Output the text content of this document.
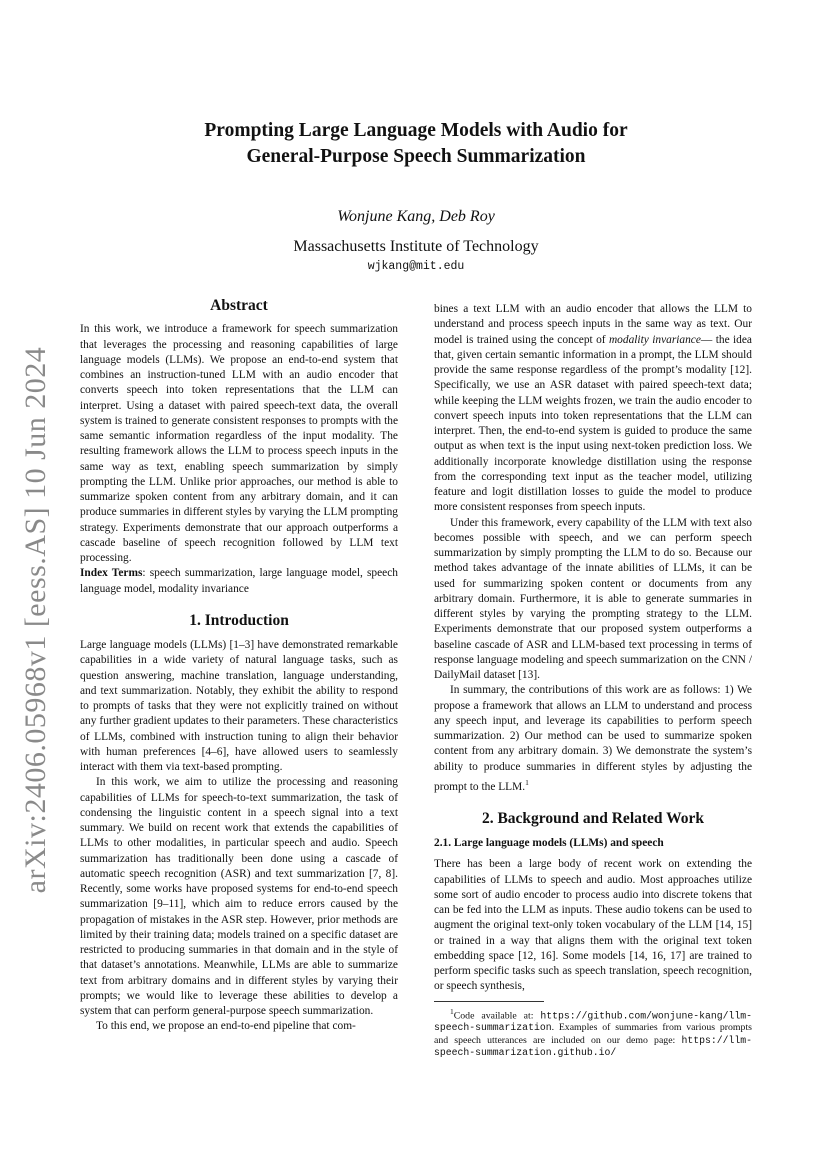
arXiv:2406.05968v1 [eess.AS] 10 Jun 2024

Prompting Large Language Models with Audio for

General-Purpose Speech Summarization

Wonjune Kang, Deb Roy
Massachusetts Institute of Technology
wjkang@mit.edu
Abstract

In this work, we introduce a framework for speech summarization that leverages the processing and reasoning capabilities of large language models (LLMs). We propose an end-to-end system that combines an instruction-tuned LLM with an audio encoder that converts speech into token representations that the LLM can interpret. Using a dataset with paired speech-text data, the overall system is trained to generate consistent responses to prompts with the same semantic information regardless of the input modality. The resulting framework allows the LLM to process speech inputs in the same way as text, enabling speech summarization by simply prompting the LLM. Unlike prior approaches, our method is able to summarize spoken content from any arbitrary domain, and it can produce summaries in different styles by varying the LLM prompting strategy. Experiments demonstrate that our approach outperforms a cascade baseline of speech recognition followed by LLM text processing.

Index Terms: speech summarization, large language model, speech language model, modality invariance

1. Introduction

Large language models (LLMs) [1–3] have demonstrated remarkable capabilities in a wide variety of natural language tasks, such as question answering, machine translation, language understanding, and text summarization. Notably, they exhibit the ability to respond to prompts of tasks that they were not explicitly trained on without any further gradient updates to their parameters. These characteristics of LLMs, combined with instruction tuning to align their behavior with human preferences [4–6], have allowed users to seamlessly interact with them via text-based prompting.

In this work, we aim to utilize the processing and reasoning capabilities of LLMs for speech-to-text summarization, the task of condensing the linguistic content in a speech signal into a text summary. We build on recent work that extends the capabilities of LLMs to other modalities, in particular speech and audio. Speech summarization has traditionally been done using a cascade of automatic speech recognition (ASR) and text summarization [7, 8]. Recently, some works have proposed systems for end-to-end speech summarization [9–11], which aim to reduce errors caused by the propagation of mistakes in the ASR step. However, prior methods are limited by their training data; models trained on a specific dataset are restricted to producing summaries in that domain and in the style of that dataset’s annotations. Meanwhile, LLMs are able to summarize text from arbitrary domains and in different styles by varying their prompts; we would like to leverage these abilities to develop a system that can perform general-purpose speech summarization.

To this end, we propose an end-to-end pipeline that com-

bines a text LLM with an audio encoder that allows the LLM to understand and process speech inputs in the same way as text. Our model is trained using the concept of modality invariance— the idea that, given certain semantic information in a prompt, the LLM should provide the same response regardless of the prompt’s modality [12]. Specifically, we use an ASR dataset with paired speech-text data; while keeping the LLM weights frozen, we train the audio encoder to convert speech inputs into token representations that the LLM can interpret. Then, the end-to-end system is guided to produce the same output as when text is the input using next-token prediction loss. We additionally incorporate knowledge distillation using the response from the corresponding text input as the teacher model, utilizing feature and logit distillation losses to guide the model to produce more consistent responses from speech inputs.

Under this framework, every capability of the LLM with text also becomes possible with speech, and we can perform speech summarization by simply prompting the LLM to do so. Because our method takes advantage of the innate abilities of LLMs, it can be used for summarizing spoken content or documents from any arbitrary domain. Furthermore, it is able to generate summaries in different styles by varying the prompting strategy to the LLM. Experiments demonstrate that our proposed system outperforms a baseline cascade of ASR and LLM-based text processing in terms of response language modeling and speech summarization on the CNN / DailyMail dataset [13].

In summary, the contributions of this work are as follows: 1) We propose a framework that allows an LLM to understand and process any speech input, and leverage its capabilities to perform speech summarization. 2) Our method can be used to summarize spoken content from any arbitrary domain. 3) We demonstrate the system’s ability to produce summaries in different styles by adjusting the prompt to the LLM.$^1$

2. Background and Related Work
2.1. Large language models (LLMs) and speech

There has been a large body of recent work on extending the capabilities of LLMs to speech and audio. Most approaches utilize some sort of audio encoder to process audio into discrete tokens that can be fed into the LLM as inputs. These audio tokens can be used to augment the original text-only token vocabulary of the LLM [14, 15] or trained in a way that aligns them with the original text token embedding space [12, 16]. Some models [14, 16, 17] are trained to perform specific tasks such as speech translation, speech recognition, or speech synthesis,

$^1$Code available at: https://github.com/wonjune-kang/llm-speech-summarization. Examples of summaries from various prompts and speech utterances are included on our demo page: https://llm-speech-summarization.github.io/
